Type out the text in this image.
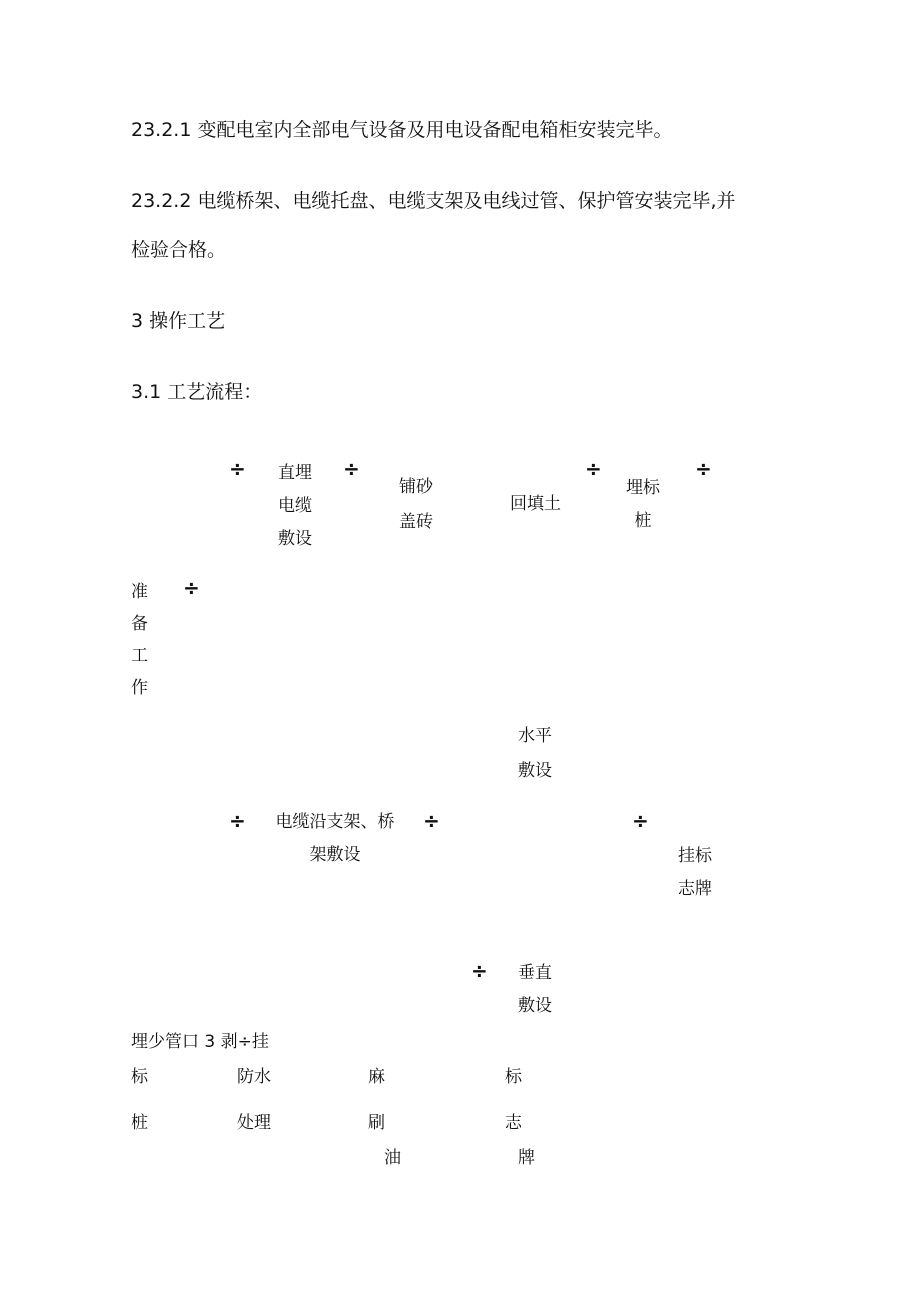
23.2.1 变配电室内全部电气设备及用电设备配电箱柜安装完毕。
23.2.2 电缆桥架、电缆托盘、电缆支架及电线过管、保护管安装完毕,并
检验合格。
3 操作工艺
3.1 工艺流程：
÷	直埋
电缆
敷设
÷
铺砂
盖砖
回填土
÷
埋标
桩
÷
准
备
工
作
÷
水平
敷设
÷	电缆沿支架、桥
架敷设
÷	÷
挂标
志牌
÷	垂直
敷设
埋少管口 3 剥÷挂
标	防水	麻	标
桩	处理	刷	志
油	牌
